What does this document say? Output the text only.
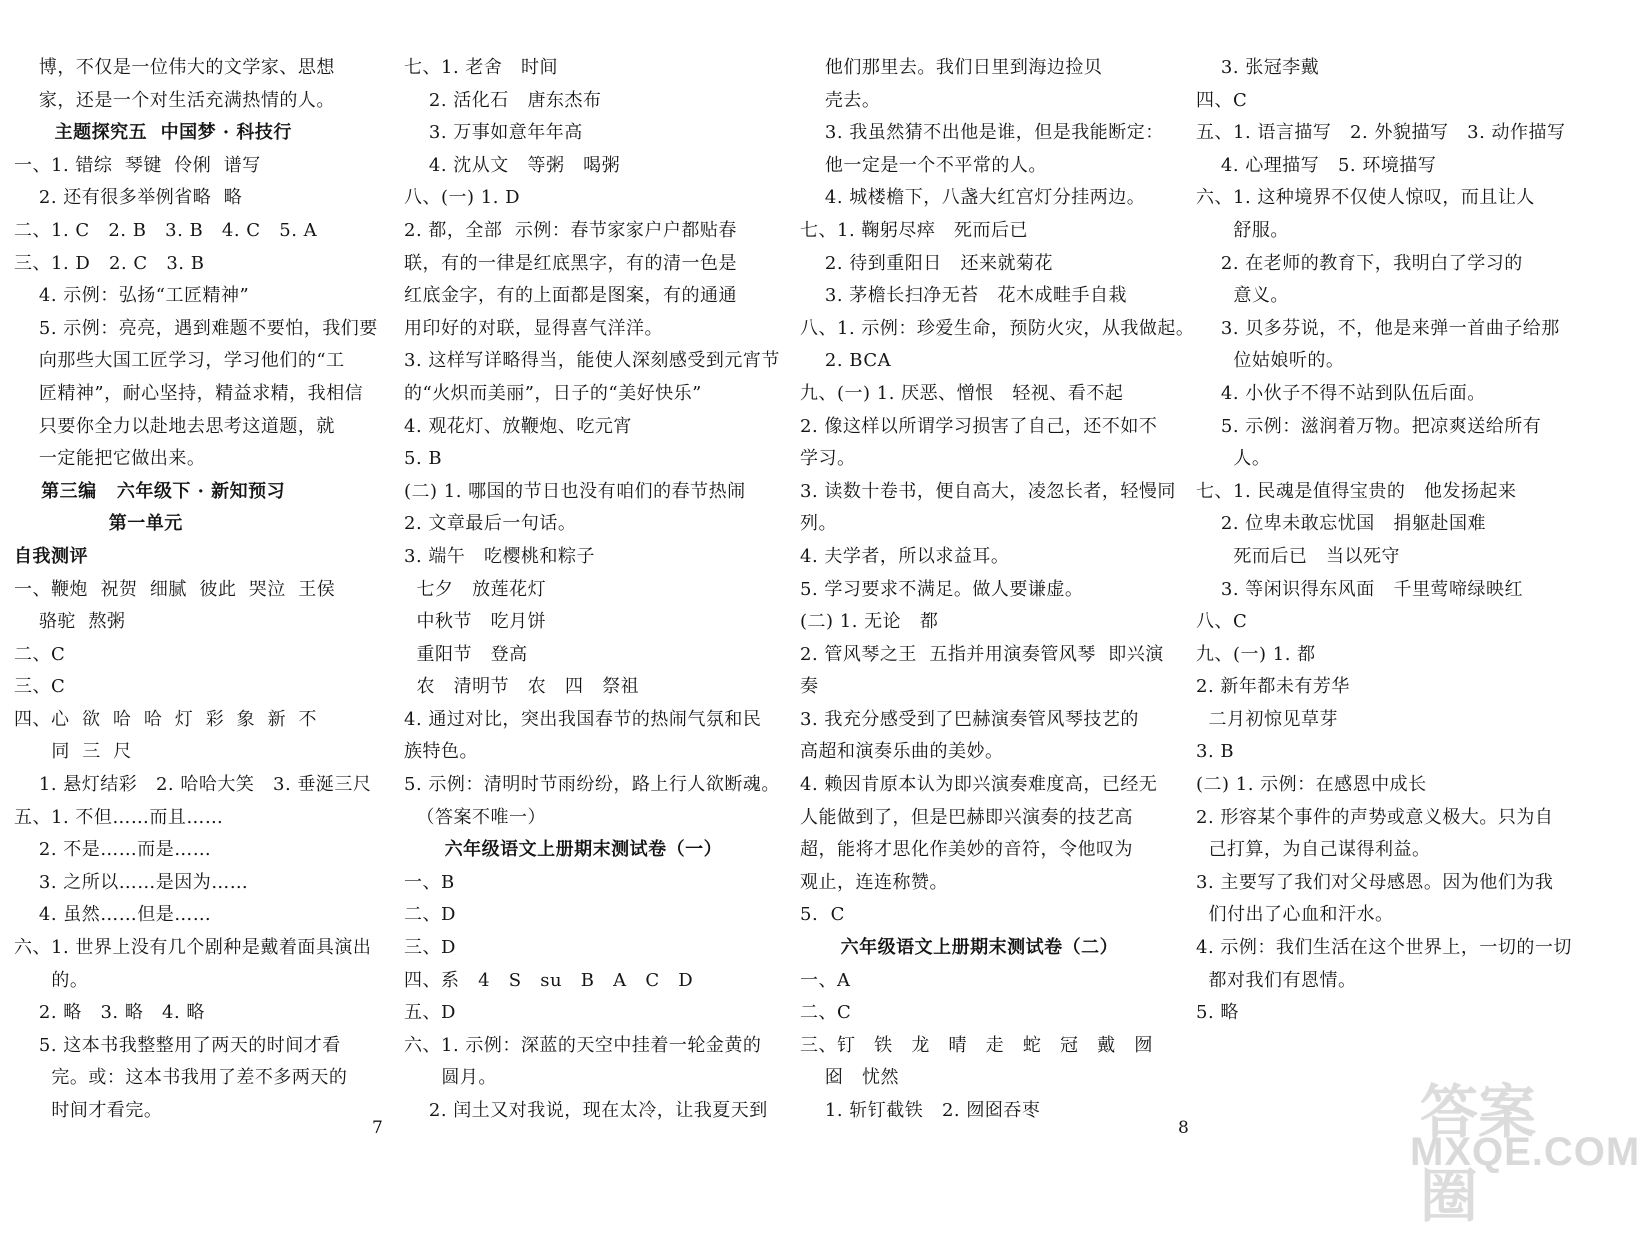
博，不仅是一位伟大的文学家、思想
家，还是一个对生活充满热情的人。
主题探究五  中国梦 · 科技行
一、1. 错综  琴键  伶俐  谱写
2. 还有很多举例省略  略
二、1. C   2. B   3. B   4. C   5. A
三、1. D   2. C   3. B
4. 示例：弘扬“工匠精神”
5. 示例：亮亮，遇到难题不要怕，我们要
向那些大国工匠学习，学习他们的“工
匠精神”，耐心坚持，精益求精，我相信
只要你全力以赴地去思考这道题，就
一定能把它做出来。
第三编   六年级下 · 新知预习
第一单元
自我测评
一、鞭炮  祝贺  细腻  彼此  哭泣  王侯
骆驼  熬粥
二、C
三、C
四、心  欲  哈  哈  灯  彩  象  新  不
同  三  尺
1. 悬灯结彩   2. 哈哈大笑   3. 垂涎三尺
五、1. 不但……而且……
2. 不是……而是……
3. 之所以……是因为……
4. 虽然……但是……
六、1. 世界上没有几个剧种是戴着面具演出
的。
2. 略   3. 略   4. 略
5. 这本书我整整用了两天的时间才看
完。或：这本书我用了差不多两天的
时间才看完。
七、1. 老舍   时间
2. 活化石   唐东杰布
3. 万事如意年年高
4. 沈从文   等粥   喝粥
八、(一) 1. D
2. 都，全部  示例：春节家家户户都贴春
联，有的一律是红底黑字，有的清一色是
红底金字，有的上面都是图案，有的通通
用印好的对联，显得喜气洋洋。
3. 这样写详略得当，能使人深刻感受到元宵节
的“火炽而美丽”，日子的“美好快乐”
4. 观花灯、放鞭炮、吃元宵
5. B
(二) 1. 哪国的节日也没有咱们的春节热闹
2. 文章最后一句话。
3. 端午   吃樱桃和粽子
七夕   放莲花灯
中秋节   吃月饼
重阳节   登高
农   清明节   农   四   祭祖
4. 通过对比，突出我国春节的热闹气氛和民
族特色。
5. 示例：清明时节雨纷纷，路上行人欲断魂。
（答案不唯一）
六年级语文上册期末测试卷（一）
一、B
二、D
三、D
四、系   4   S   su   B   A   C   D
五、D
六、1. 示例：深蓝的天空中挂着一轮金黄的
圆月。
2. 闰土又对我说，现在太冷，让我夏天到
7
他们那里去。我们日里到海边捡贝
壳去。
3. 我虽然猜不出他是谁，但是我能断定：
他一定是一个不平常的人。
4. 城楼檐下，八盏大红宫灯分挂两边。
七、1. 鞠躬尽瘁   死而后已
2. 待到重阳日   还来就菊花
3. 茅檐长扫净无苔   花木成畦手自栽
八、1. 示例：珍爱生命，预防火灾，从我做起。
2. BCA
九、(一) 1. 厌恶、憎恨   轻视、看不起
2. 像这样以所谓学习损害了自己，还不如不
学习。
3. 读数十卷书，便自高大，凌忽长者，轻慢同
列。
4. 夫学者，所以求益耳。
5. 学习要求不满足。做人要谦虚。
(二) 1. 无论   都
2. 管风琴之王  五指并用演奏管风琴  即兴演
奏
3. 我充分感受到了巴赫演奏管风琴技艺的
高超和演奏乐曲的美妙。
4. 赖因肯原本认为即兴演奏难度高，已经无
人能做到了，但是巴赫即兴演奏的技艺高
超，能将才思化作美妙的音符，令他叹为
观止，连连称赞。
5.  C
六年级语文上册期末测试卷（二）
一、A
二、C
三、钉   铁   龙   晴   走   蛇   冠   戴   囫
囵   忧然
1. 斩钉截铁   2. 囫囵吞枣
3. 张冠李戴
四、C
五、1. 语言描写   2. 外貌描写   3. 动作描写
4. 心理描写   5. 环境描写
六、1. 这种境界不仅使人惊叹，而且让人
舒服。
2. 在老师的教育下，我明白了学习的
意义。
3. 贝多芬说，不，他是来弹一首曲子给那
位姑娘听的。
4. 小伙子不得不站到队伍后面。
5. 示例：滋润着万物。把凉爽送给所有
人。
七、1. 民魂是值得宝贵的   他发扬起来
2. 位卑未敢忘忧国   捐躯赴国难
死而后已   当以死守
3. 等闲识得东风面   千里莺啼绿映红
八、C
九、(一) 1. 都
2. 新年都未有芳华
二月初惊见草芽
3. B
(二) 1. 示例：在感恩中成长
2. 形容某个事件的声势或意义极大。只为自
己打算，为自己谋得利益。
3. 主要写了我们对父母感恩。因为他们为我
们付出了心血和汗水。
4. 示例：我们生活在这个世界上，一切的一切
都对我们有恩情。
5. 略
8	答案圈
MXQE.COM
